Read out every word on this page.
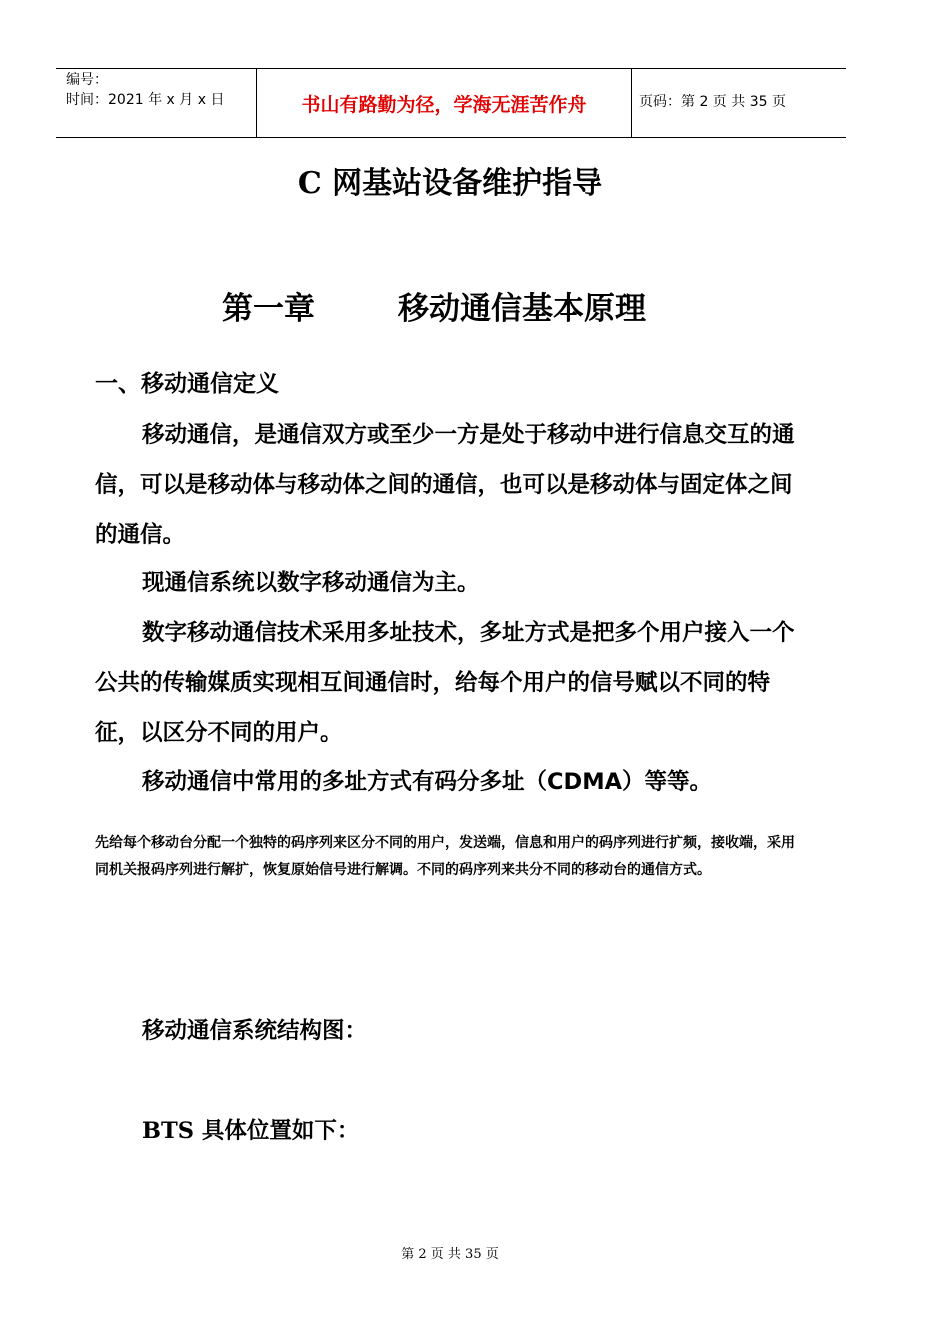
编号：
时间：2021 年 x 月 x 日	书山有路勤为径，学海无涯苦作舟	页码：第 2 页 共 35 页
C 网基站设备维护指导
第一章	移动通信基本原理
一、移动通信定义

移动通信，是通信双方或至少一方是处于移动中进行信息交互的通信，可以是移动体与移动体之间的通信，也可以是移动体与固定体之间的通信。

现通信系统以数字移动通信为主。

数字移动通信技术采用多址技术，多址方式是把多个用户接入一个公共的传输媒质实现相互间通信时，给每个用户的信号赋以不同的特征，以区分不同的用户。

移动通信中常用的多址方式有码分多址（CDMA）等等。

先给每个移动台分配一个独特的码序列来区分不同的用户，发送端，信息和用户的码序列进行扩频，接收端，采用同机关报码序列进行解扩，恢复原始信号进行解调。不同的码序列来共分不同的移动台的通信方式。

移动通信系统结构图：
BTS 具体位置如下：
第 2 页 共 35 页
